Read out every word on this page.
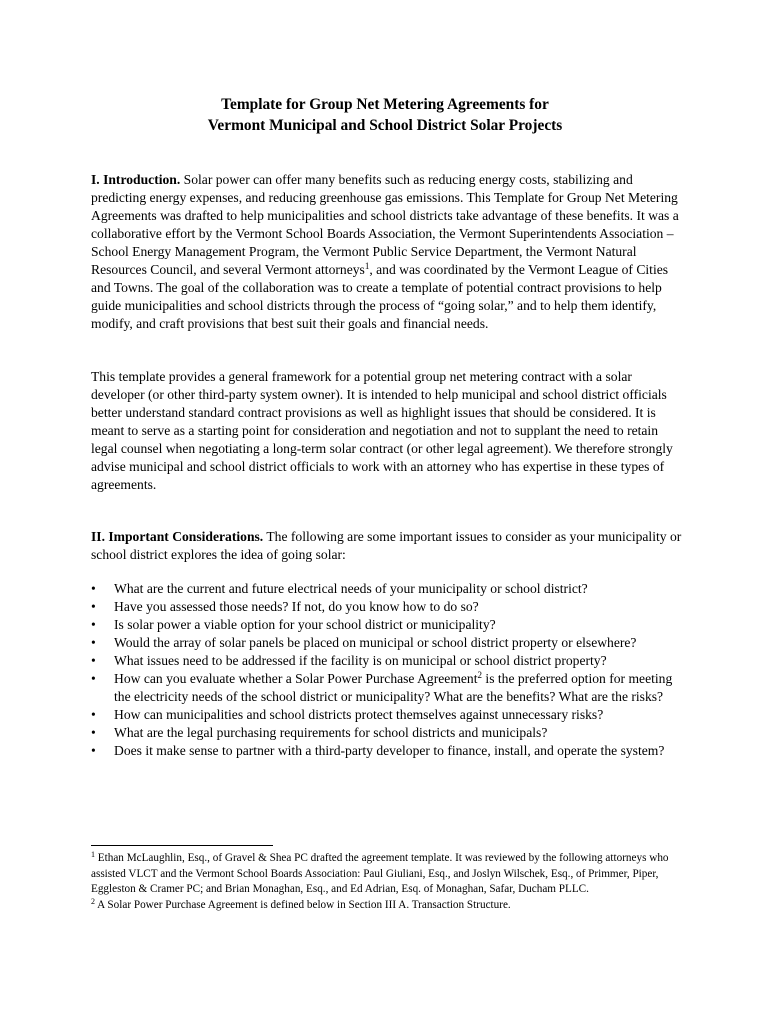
Template for Group Net Metering Agreements for
Vermont Municipal and School District Solar Projects

I. Introduction. Solar power can offer many benefits such as reducing energy costs, stabilizing and predicting energy expenses, and reducing greenhouse gas emissions. This Template for Group Net Metering Agreements was drafted to help municipalities and school districts take advantage of these benefits. It was a collaborative effort by the Vermont School Boards Association, the Vermont Superintendents Association – School Energy Management Program, the Vermont Public Service Department, the Vermont Natural Resources Council, and several Vermont attorneys$^1$, and was coordinated by the Vermont League of Cities and Towns. The goal of the collaboration was to create a template of potential contract provisions to help guide municipalities and school districts through the process of “going solar,” and to help them identify, modify, and craft provisions that best suit their goals and financial needs.

This template provides a general framework for a potential group net metering contract with a solar developer (or other third-party system owner). It is intended to help municipal and school district officials better understand standard contract provisions as well as highlight issues that should be considered. It is meant to serve as a starting point for consideration and negotiation and not to supplant the need to retain legal counsel when negotiating a long-term solar contract (or other legal agreement). We therefore strongly advise municipal and school district officials to work with an attorney who has expertise in these types of agreements.

II. Important Considerations. The following are some important issues to consider as your municipality or school district explores the idea of going solar:

• What are the current and future electrical needs of your municipality or school district?
• Have you assessed those needs? If not, do you know how to do so?
• Is solar power a viable option for your school district or municipality?
• Would the array of solar panels be placed on municipal or school district property or elsewhere?
• What issues need to be addressed if the facility is on municipal or school district property?
• How can you evaluate whether a Solar Power Purchase Agreement$^2$ is the preferred option for meeting the electricity needs of the school district or municipality? What are the benefits? What are the risks?
• How can municipalities and school districts protect themselves against unnecessary risks?
• What are the legal purchasing requirements for school districts and municipals?
• Does it make sense to partner with a third-party developer to finance, install, and operate the system?

$^1$ Ethan McLaughlin, Esq., of Gravel & Shea PC drafted the agreement template. It was reviewed by the following attorneys who assisted VLCT and the Vermont School Boards Association: Paul Giuliani, Esq., and Joslyn Wilschek, Esq., of Primmer, Piper, Eggleston & Cramer PC; and Brian Monaghan, Esq., and Ed Adrian, Esq. of Monaghan, Safar, Ducham PLLC.

$^2$ A Solar Power Purchase Agreement is defined below in Section III A. Transaction Structure.
